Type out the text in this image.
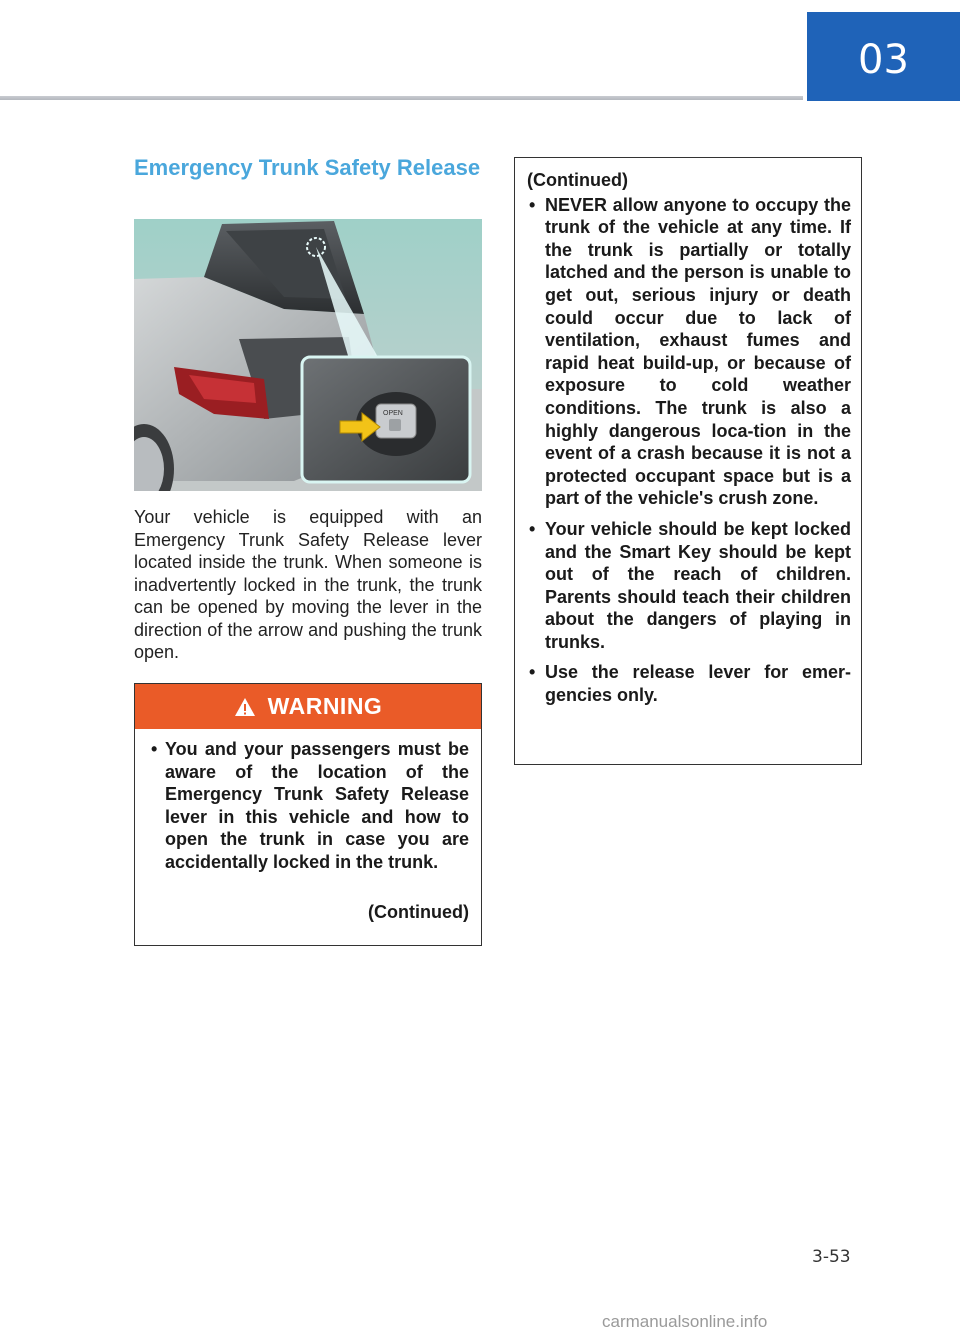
03
Emergency Trunk Safety Release
OPEN

Your vehicle is equipped with an Emergency Trunk Safety Release lever located inside the trunk. When someone is inadvertently locked in the trunk, the trunk can be opened by moving the lever in the direction of the arrow and pushing the trunk open.

WARNING
• You and your passengers must be aware of the location of the Emergency Trunk Safety Release lever in this vehicle and how to open the trunk in case you are accidentally locked in the trunk.
(Continued)
(Continued)
• NEVER allow anyone to occupy the trunk of the vehicle at any time. If the trunk is partially or totally latched and the person is unable to get out, serious injury or death could occur due to lack of ventilation, exhaust fumes and rapid heat build-up, or because of exposure to cold weather conditions. The trunk is also a highly dangerous loca-tion in the event of a crash because it is not a protected occupant space but is a part of the vehicle's crush zone.
• Your vehicle should be kept locked and the Smart Key should be kept out of the reach of children. Parents should teach their children about the dangers of playing in trunks.
• Use the release lever for emer-gencies only.
3-53
carmanualsonline.info
